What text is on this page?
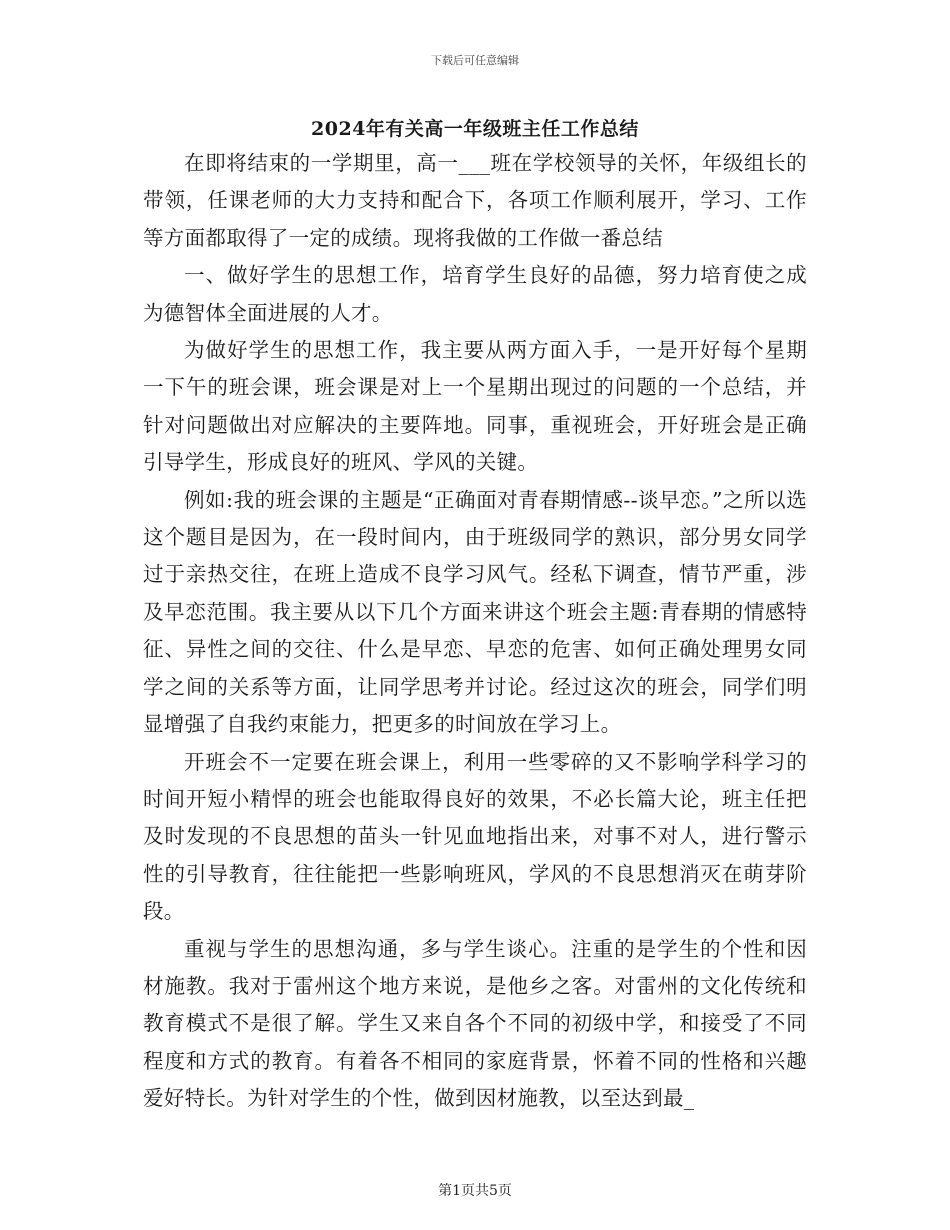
下载后可任意编辑
2024年有关高一年级班主任工作总结

在即将结束的一学期里，高一___班在学校领导的关怀，年级组长的带领，任课老师的大力支持和配合下，各项工作顺利展开，学习、工作等方面都取得了一定的成绩。现将我做的工作做一番总结

一、做好学生的思想工作，培育学生良好的品德，努力培育使之成为德智体全面进展的人才。

为做好学生的思想工作，我主要从两方面入手，一是开好每个星期一下午的班会课，班会课是对上一个星期出现过的问题的一个总结，并针对问题做出对应解决的主要阵地。同事，重视班会，开好班会是正确引导学生，形成良好的班风、学风的关键。

例如:我的班会课的主题是“正确面对青春期情感--谈早恋。”之所以选这个题目是因为，在一段时间内，由于班级同学的熟识，部分男女同学过于亲热交往，在班上造成不良学习风气。经私下调查，情节严重，涉及早恋范围。我主要从以下几个方面来讲这个班会主题:青春期的情感特征、异性之间的交往、什么是早恋、早恋的危害、如何正确处理男女同学之间的关系等方面，让同学思考并讨论。经过这次的班会，同学们明显增强了自我约束能力，把更多的时间放在学习上。

开班会不一定要在班会课上，利用一些零碎的又不影响学科学习的时间开短小精悍的班会也能取得良好的效果，不必长篇大论，班主任把及时发现的不良思想的苗头一针见血地指出来，对事不对人，进行警示性的引导教育，往往能把一些影响班风，学风的不良思想消灭在萌芽阶段。

重视与学生的思想沟通，多与学生谈心。注重的是学生的个性和因材施教。我对于雷州这个地方来说，是他乡之客。对雷州的文化传统和教育模式不是很了解。学生又来自各个不同的初级中学，和接受了不同程度和方式的教育。有着各不相同的家庭背景，怀着不同的性格和兴趣爱好特长。为针对学生的个性，做到因材施教，以至达到最_

第1页共5页
